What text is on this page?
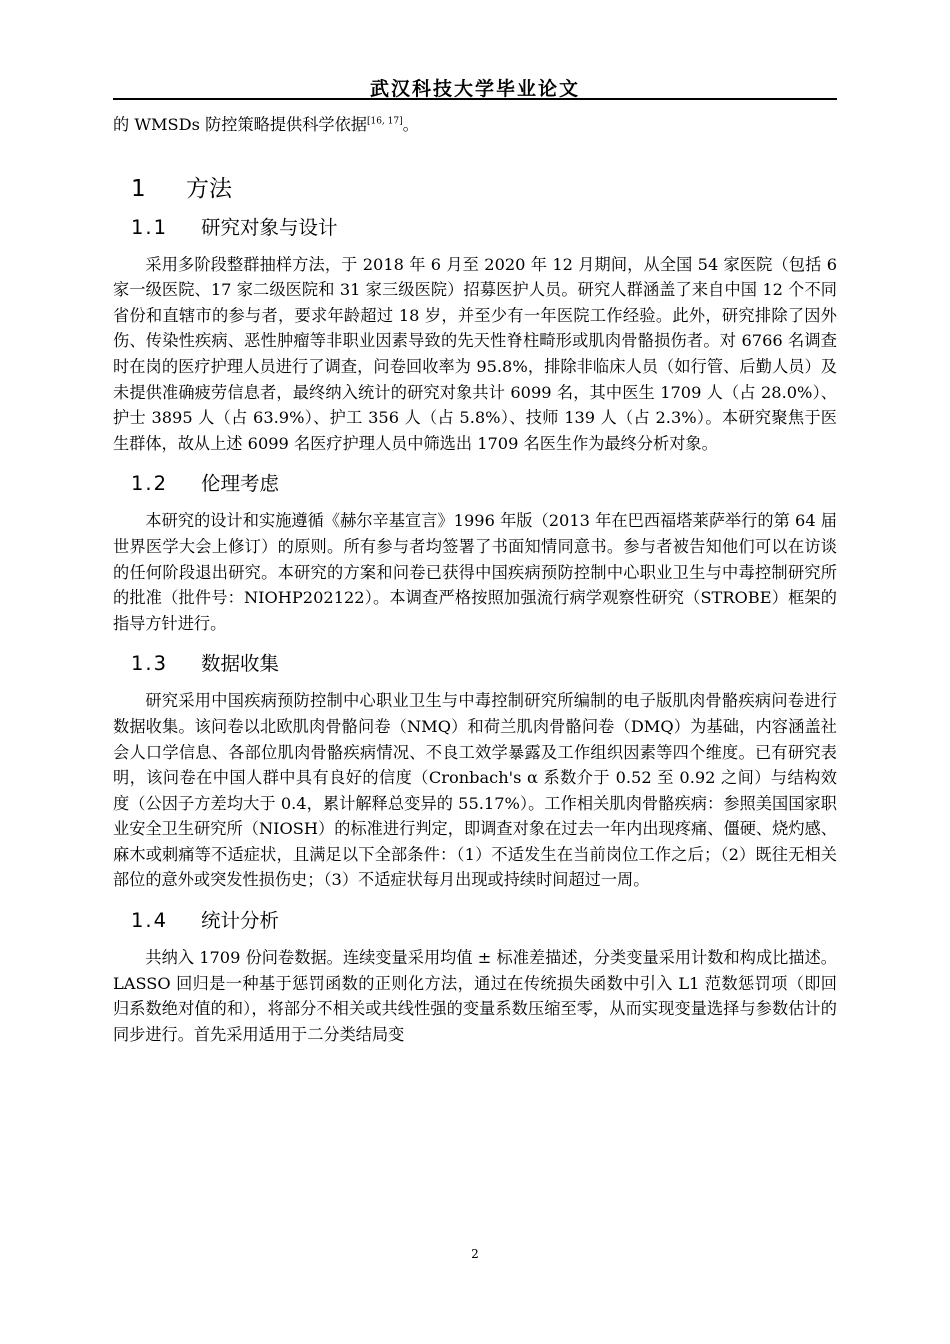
武汉科技大学毕业论文

的 WMSDs 防控策略提供科学依据[16, 17]。

1 方法
1.1 研究对象与设计

采用多阶段整群抽样方法，于 2018 年 6 月至 2020 年 12 月期间，从全国 54 家医院（包括 6 家一级医院、17 家二级医院和 31 家三级医院）招募医护人员。研究人群涵盖了来自中国 12 个不同省份和直辖市的参与者，要求年龄超过 18 岁，并至少有一年医院工作经验。此外，研究排除了因外伤、传染性疾病、恶性肿瘤等非职业因素导致的先天性脊柱畸形或肌肉骨骼损伤者。对 6766 名调查时在岗的医疗护理人员进行了调查，问卷回收率为 95.8%，排除非临床人员（如行管、后勤人员）及未提供准确疲劳信息者，最终纳入统计的研究对象共计 6099 名，其中医生 1709 人（占 28.0%）、护士 3895 人（占 63.9%）、护工 356 人（占 5.8%）、技师 139 人（占 2.3%）。本研究聚焦于医生群体，故从上述 6099 名医疗护理人员中筛选出 1709 名医生作为最终分析对象。

1.2 伦理考虑

本研究的设计和实施遵循《赫尔辛基宣言》1996 年版（2013 年在巴西福塔莱萨举行的第 64 届世界医学大会上修订）的原则。所有参与者均签署了书面知情同意书。参与者被告知他们可以在访谈的任何阶段退出研究。本研究的方案和问卷已获得中国疾病预防控制中心职业卫生与中毒控制研究所的批准（批件号：NIOHP202122）。本调查严格按照加强流行病学观察性研究（STROBE）框架的指导方针进行。

1.3 数据收集

研究采用中国疾病预防控制中心职业卫生与中毒控制研究所编制的电子版肌肉骨骼疾病问卷进行数据收集。该问卷以北欧肌肉骨骼问卷（NMQ）和荷兰肌肉骨骼问卷（DMQ）为基础，内容涵盖社会人口学信息、各部位肌肉骨骼疾病情况、不良工效学暴露及工作组织因素等四个维度。已有研究表明，该问卷在中国人群中具有良好的信度（Cronbach's α 系数介于 0.52 至 0.92 之间）与结构效度（公因子方差均大于 0.4，累计解释总变异的 55.17%）。工作相关肌肉骨骼疾病：参照美国国家职业安全卫生研究所（NIOSH）的标准进行判定，即调查对象在过去一年内出现疼痛、僵硬、烧灼感、麻木或刺痛等不适症状，且满足以下全部条件：（1）不适发生在当前岗位工作之后；（2）既往无相关部位的意外或突发性损伤史；（3）不适症状每月出现或持续时间超过一周。

1.4 统计分析

共纳入 1709 份问卷数据。连续变量采用均值 ± 标准差描述，分类变量采用计数和构成比描述。LASSO 回归是一种基于惩罚函数的正则化方法，通过在传统损失函数中引入 L1 范数惩罚项（即回归系数绝对值的和），将部分不相关或共线性强的变量系数压缩至零，从而实现变量选择与参数估计的同步进行。首先采用适用于二分类结局变

2
